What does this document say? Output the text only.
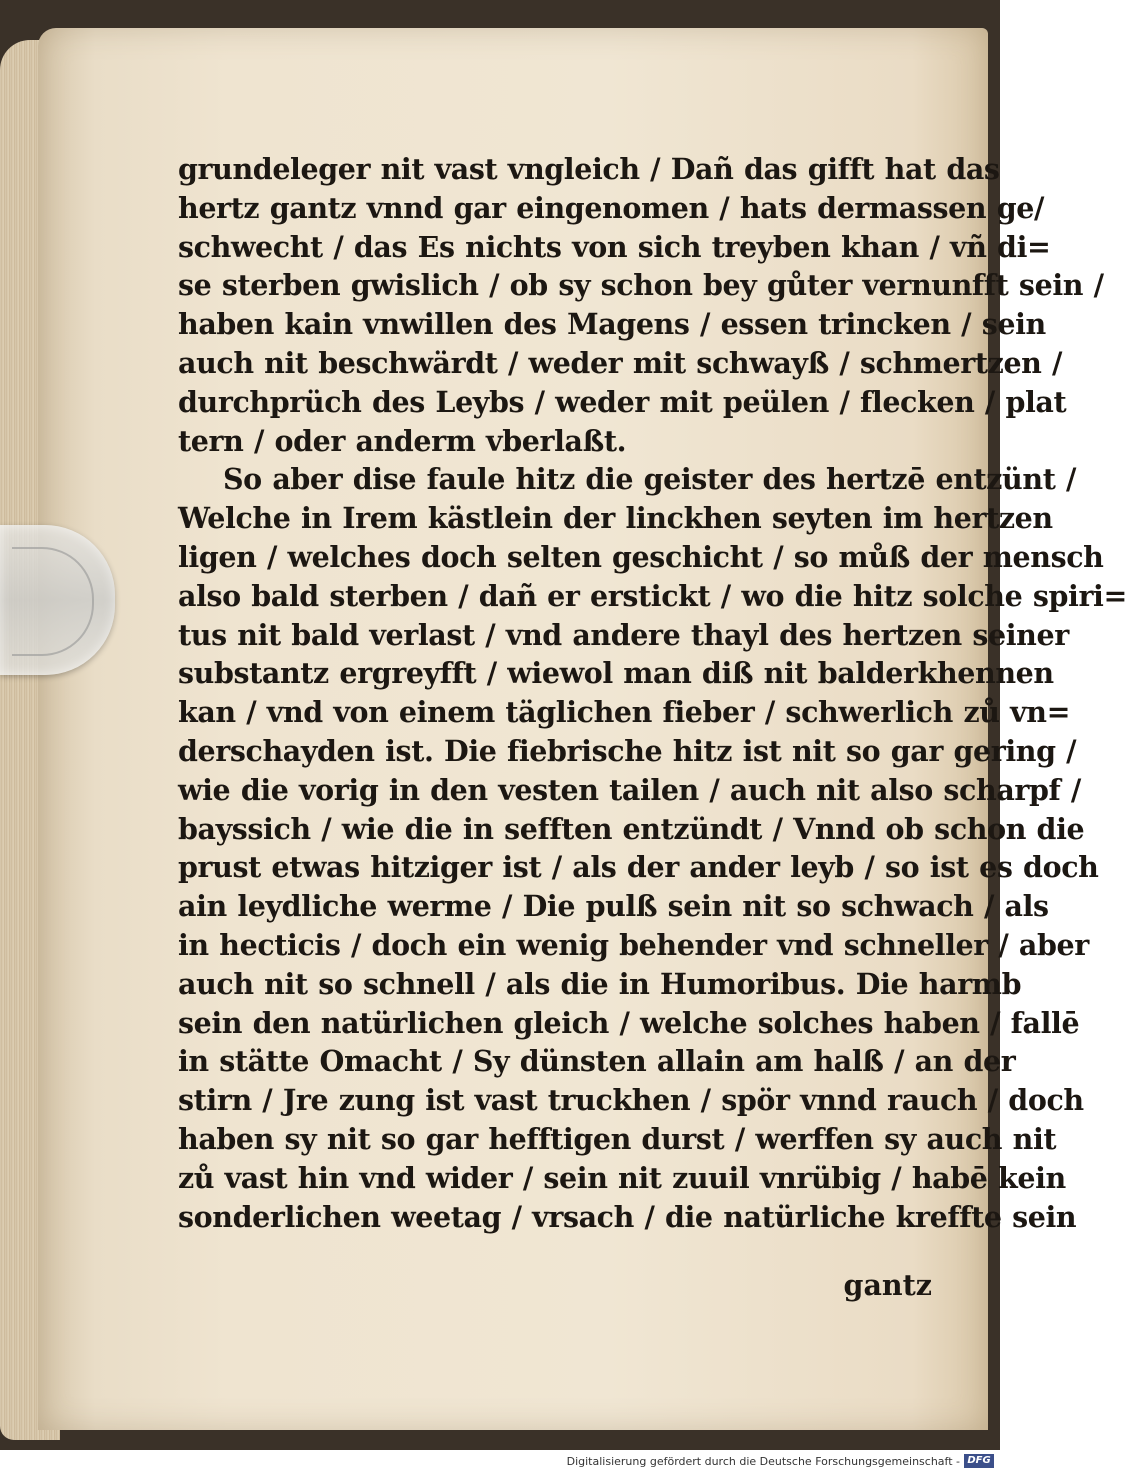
grundeleger nit vast vngleich / Dañ das gifft hat das
hertz gantz vnnd gar eingenomen / hats dermassen ge/
schwecht / das Es nichts von sich treyben khan / vñ di=
se sterben gwislich / ob sy schon bey gůter vernunfft sein /
haben kain vnwillen des Magens / essen trincken / sein
auch nit beschwärdt / weder mit schwayß / schmertzen /
durchprüch des Leybs / weder mit peülen / flecken / plat
tern / oder anderm vberlaßt.
So aber dise faule hitz die geister des hertzē entzünt /
Welche in Irem kästlein der linckhen seyten im hertzen
ligen / welches doch selten geschicht / so můß der mensch
also bald sterben / dañ er erstickt / wo die hitz solche spiri=
tus nit bald verlast / vnd andere thayl des hertzen seiner
substantz ergreyfft / wiewol man diß nit balderkhennen
kan / vnd von einem täglichen fieber / schwerlich zů vn=
derschayden ist. Die fiebrische hitz ist nit so gar gering /
wie die vorig in den vesten tailen / auch nit also scharpf /
bayssich / wie die in sefften entzündt / Vnnd ob schon die
prust etwas hitziger ist / als der ander leyb / so ist es doch
ain leydliche werme / Die pulß sein nit so schwach / als
in hecticis / doch ein wenig behender vnd schneller / aber
auch nit so schnell / als die in Humoribus. Die harmb
sein den natürlichen gleich / welche solches haben / fallē
in stätte Omacht / Sy dünsten allain am halß / an der
stirn / Jre zung ist vast truckhen / spör vnnd rauch / doch
haben sy nit so gar hefftigen durst / werffen sy auch nit
zů vast hin vnd wider / sein nit zuuil vnrübig / habē kein
sonderlichen weetag / vrsach / die natürliche kreffte sein
gantz
Digitalisierung gefördert durch die Deutsche Forschungsgemeinschaft - DFG
